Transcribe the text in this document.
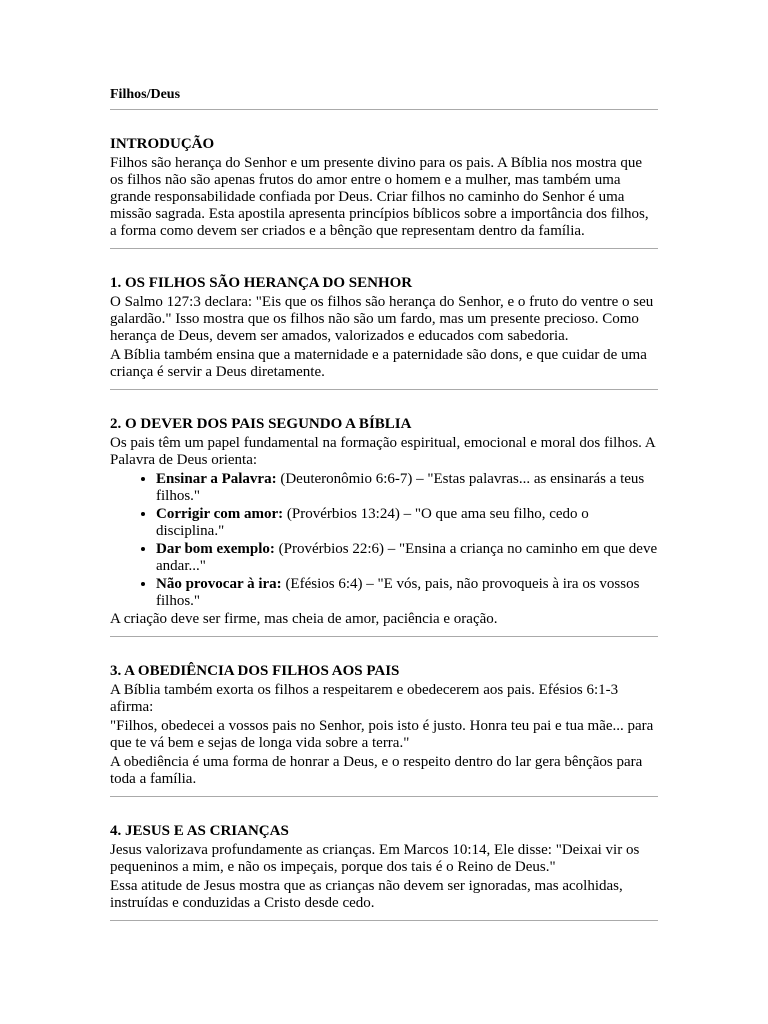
Filhos/Deus
INTRODUÇÃO

Filhos são herança do Senhor e um presente divino para os pais. A Bíblia nos mostra que os filhos não são apenas frutos do amor entre o homem e a mulher, mas também uma grande responsabilidade confiada por Deus. Criar filhos no caminho do Senhor é uma missão sagrada. Esta apostila apresenta princípios bíblicos sobre a importância dos filhos, a forma como devem ser criados e a bênção que representam dentro da família.

1. OS FILHOS SÃO HERANÇA DO SENHOR

O Salmo 127:3 declara: "Eis que os filhos são herança do Senhor, e o fruto do ventre o seu galardão." Isso mostra que os filhos não são um fardo, mas um presente precioso. Como herança de Deus, devem ser amados, valorizados e educados com sabedoria.

A Bíblia também ensina que a maternidade e a paternidade são dons, e que cuidar de uma criança é servir a Deus diretamente.

2. O DEVER DOS PAIS SEGUNDO A BÍBLIA

Os pais têm um papel fundamental na formação espiritual, emocional e moral dos filhos. A Palavra de Deus orienta:

• Ensinar a Palavra: (Deuteronômio 6:6-7) – "Estas palavras... as ensinarás a teus filhos."
• Corrigir com amor: (Provérbios 13:24) – "O que ama seu filho, cedo o disciplina."
• Dar bom exemplo: (Provérbios 22:6) – "Ensina a criança no caminho em que deve andar..."
• Não provocar à ira: (Efésios 6:4) – "E vós, pais, não provoqueis à ira os vossos filhos."

A criação deve ser firme, mas cheia de amor, paciência e oração.

3. A OBEDIÊNCIA DOS FILHOS AOS PAIS

A Bíblia também exorta os filhos a respeitarem e obedecerem aos pais. Efésios 6:1-3 afirma:

"Filhos, obedecei a vossos pais no Senhor, pois isto é justo. Honra teu pai e tua mãe... para que te vá bem e sejas de longa vida sobre a terra."

A obediência é uma forma de honrar a Deus, e o respeito dentro do lar gera bênçãos para toda a família.

4. JESUS E AS CRIANÇAS

Jesus valorizava profundamente as crianças. Em Marcos 10:14, Ele disse: "Deixai vir os pequeninos a mim, e não os impeçais, porque dos tais é o Reino de Deus."

Essa atitude de Jesus mostra que as crianças não devem ser ignoradas, mas acolhidas, instruídas e conduzidas a Cristo desde cedo.
